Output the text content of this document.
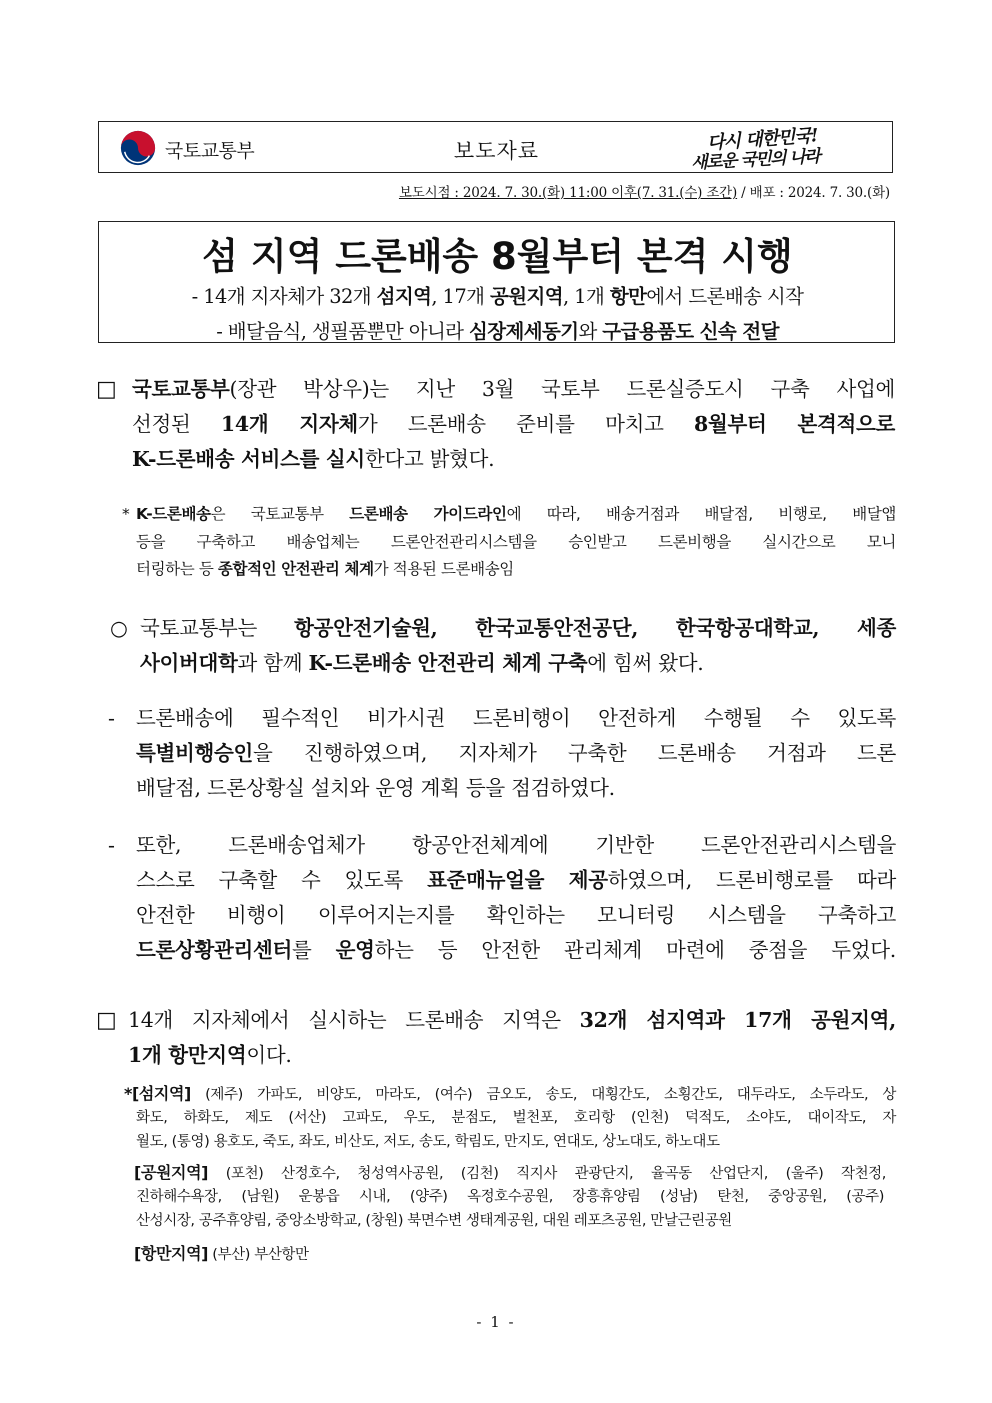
국토교통부	보도자료	다시 대한민국!
새로운 국민의 나라
보도시점 : 2024. 7. 30.(화) 11:00 이후(7. 31.(수) 조간) / 배포 : 2024. 7. 30.(화)
섬 지역 드론배송 8월부터 본격 시행
- 14개 지자체가 32개 섬지역, 17개 공원지역, 1개 항만에서 드론배송 시작
- 배달음식, 생필품뿐만 아니라 심장제세동기와 구급용품도 신속 전달
□ 국토교통부(장관 박상우)는 지난 3월 국토부 드론실증도시 구축 사업에
선정된 14개 지자체가 드론배송 준비를 마치고 8월부터 본격적으로
K-드론배송 서비스를 실시한다고 밝혔다.
* K-드론배송은 국토교통부 드론배송 가이드라인에 따라, 배송거점과 배달점, 비행로, 배달앱
등을 구축하고 배송업체는 드론안전관리시스템을 승인받고 드론비행을 실시간으로 모니
터링하는 등 종합적인 안전관리 체계가 적용된 드론배송임
○ 국토교통부는 항공안전기술원, 한국교통안전공단, 한국항공대학교, 세종
사이버대학과 함께 K-드론배송 안전관리 체계 구축에 힘써 왔다.
- 드론배송에 필수적인 비가시권 드론비행이 안전하게 수행될 수 있도록
특별비행승인을 진행하였으며, 지자체가 구축한 드론배송 거점과 드론
배달점, 드론상황실 설치와 운영 계획 등을 점검하였다.
- 또한, 드론배송업체가 항공안전체계에 기반한 드론안전관리시스템을
스스로 구축할 수 있도록 표준매뉴얼을 제공하였으며, 드론비행로를 따라
안전한 비행이 이루어지는지를 확인하는 모니터링 시스템을 구축하고
드론상황관리센터를 운영하는 등 안전한 관리체계 마련에 중점을 두었다.
□ 14개 지자체에서 실시하는 드론배송 지역은 32개 섬지역과 17개 공원지역,
1개 항만지역이다.
*[섬지역] (제주) 가파도, 비양도, 마라도, (여수) 금오도, 송도, 대횡간도, 소횡간도, 대두라도, 소두라도, 상
화도, 하화도, 제도 (서산) 고파도, 우도, 분점도, 벌천포, 호리항 (인천) 덕적도, 소야도, 대이작도, 자
월도, (통영) 용호도, 죽도, 좌도, 비산도, 저도, 송도, 학림도, 만지도, 연대도, 상노대도, 하노대도
[공원지역] (포천) 산정호수, 청성역사공원, (김천) 직지사 관광단지, 율곡동 산업단지, (울주) 작천정,
진하해수욕장, (남원) 운봉읍 시내, (양주) 옥정호수공원, 장흥휴양림 (성남) 탄천, 중앙공원, (공주)
산성시장, 공주휴양림, 중앙소방학교, (창원) 북면수변 생태계공원, 대원 레포츠공원, 만날근린공원
[항만지역] (부산) 부산항만
- 1 -
